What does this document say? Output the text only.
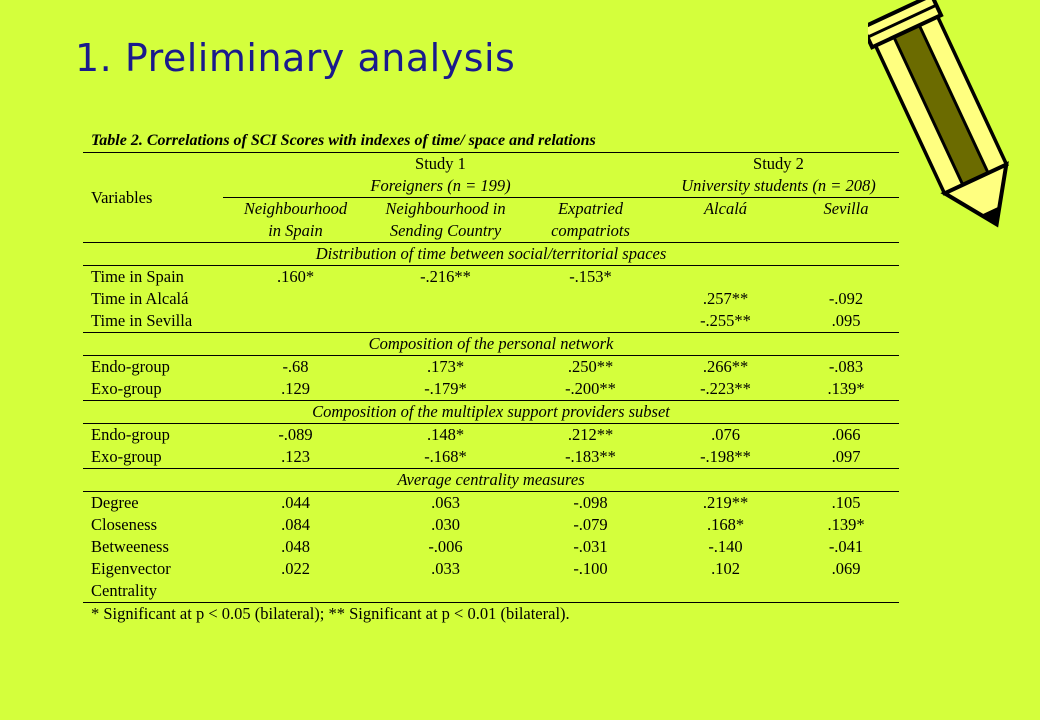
1. Preliminary analysis
Table 2. Correlations of SCI Scores with indexes of time/ space and relations					
Variables	Study 1			Study 2	
	Foreigners (n = 199)			University students (n = 208)	
	Neighbourhood	Neighbourhood in	Expatried	Alcalá	Sevilla
	in Spain	Sending Country	compatriots		
Distribution of time between social/territorial spaces					
Time in Spain	.160*	-.216**	-.153*		
Time in Alcalá				.257**	-.092
Time in Sevilla				-.255**	.095
Composition of the personal network					
Endo-group	-.68	.173*	.250**	.266**	-.083
Exo-group	.129	-.179*	-.200**	-.223**	.139*
Composition of the multiplex support providers subset					
Endo-group	-.089	.148*	.212**	.076	.066
Exo-group	.123	-.168*	-.183**	-.198**	.097
Average centrality measures					
Degree	.044	.063	-.098	.219**	.105
Closeness	.084	.030	-.079	.168*	.139*
Betweeness	.048	-.006	-.031	-.140	-.041
Eigenvector	.022	.033	-.100	.102	.069
Centrality					
* Significant at p < 0.05 (bilateral); ** Significant at p < 0.01 (bilateral).					
